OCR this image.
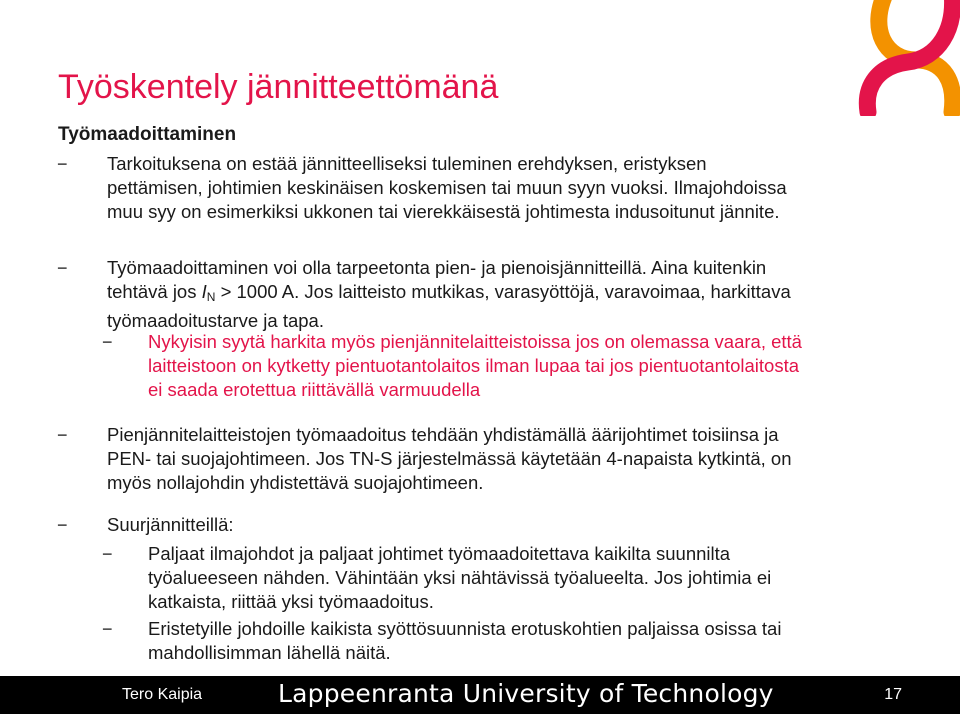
Työskentely jännitteettömänä
Työmaadoittaminen
− Tarkoituksena on estää jännitteelliseksi tuleminen erehdyksen, eristyksen
pettämisen, johtimien keskinäisen koskemisen tai muun syyn vuoksi. Ilmajohdoissa
muu syy on esimerkiksi ukkonen tai vierekkäisestä johtimesta indusoitunut jännite.
− Työmaadoittaminen voi olla tarpeetonta pien- ja pienoisjännitteillä. Aina kuitenkin
tehtävä jos $I_N > 1000$ A. Jos laitteisto mutkikas, varasyöttöjä, varavoimaa, harkittava
työmaadoitustarve ja tapa.
− Nykyisin syytä harkita myös pienjännitelaitteistoissa jos on olemassa vaara, että
laitteistoon on kytketty pientuotantolaitos ilman lupaa tai jos pientuotantolaitosta
ei saada erotettua riittävällä varmuudella
− Pienjännitelaitteistojen työmaadoitus tehdään yhdistämällä äärijohtimet toisiinsa ja
PEN- tai suojajohtimeen. Jos TN-S järjestelmässä käytetään 4-napaista kytkintä, on
myös nollajohdin yhdistettävä suojajohtimeen.
− Suurjännitteillä:
− Paljaat ilmajohdot ja paljaat johtimet työmaadoitettava kaikilta suunnilta
työalueeseen nähden. Vähintään yksi nähtävissä työalueelta. Jos johtimia ei
katkaista, riittää yksi työmaadoitus.
− Eristetyille johdoille kaikista syöttösuunnista erotuskohtien paljaissa osissa tai
mahdollisimman lähellä näitä.
Tero Kaipia	Lappeenranta University of Technology	17
